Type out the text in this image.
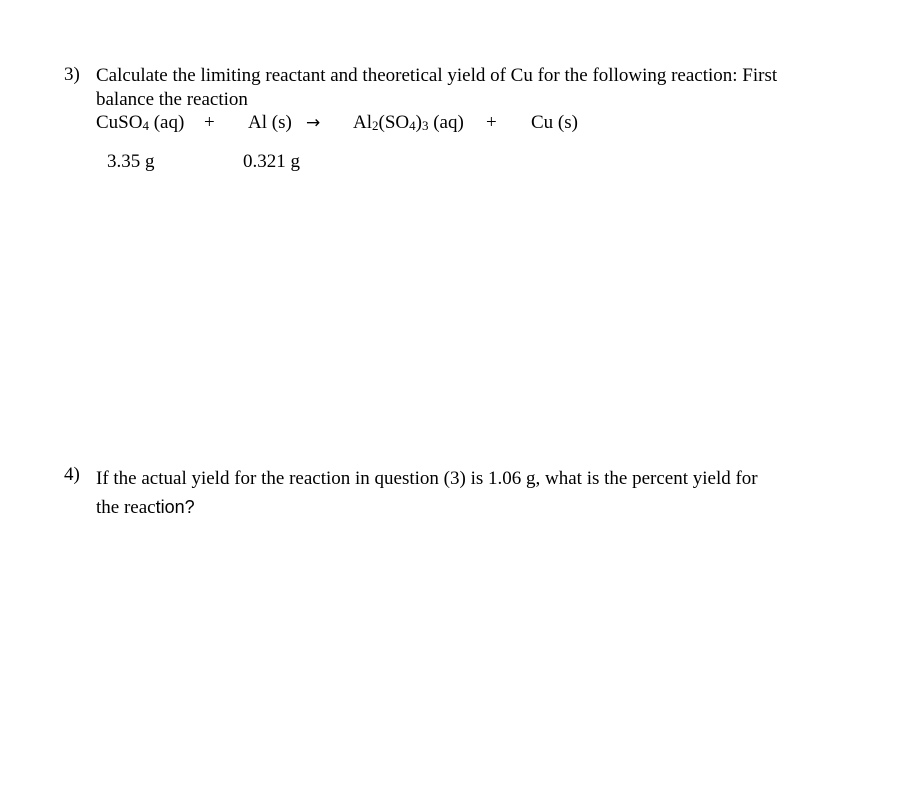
3) Calculate the limiting reactant and theoretical yield of Cu for the following reaction: First
balance the reaction
CuSO$_4$ (aq) + Al $(s) \to Al_2(SO_4)_3$ (aq) + Cu (s)
3.35 g	0.321 g
4) If the actual yield for the reaction in question (3) is 1.06 g, what is the percent yield for
the reaction?
